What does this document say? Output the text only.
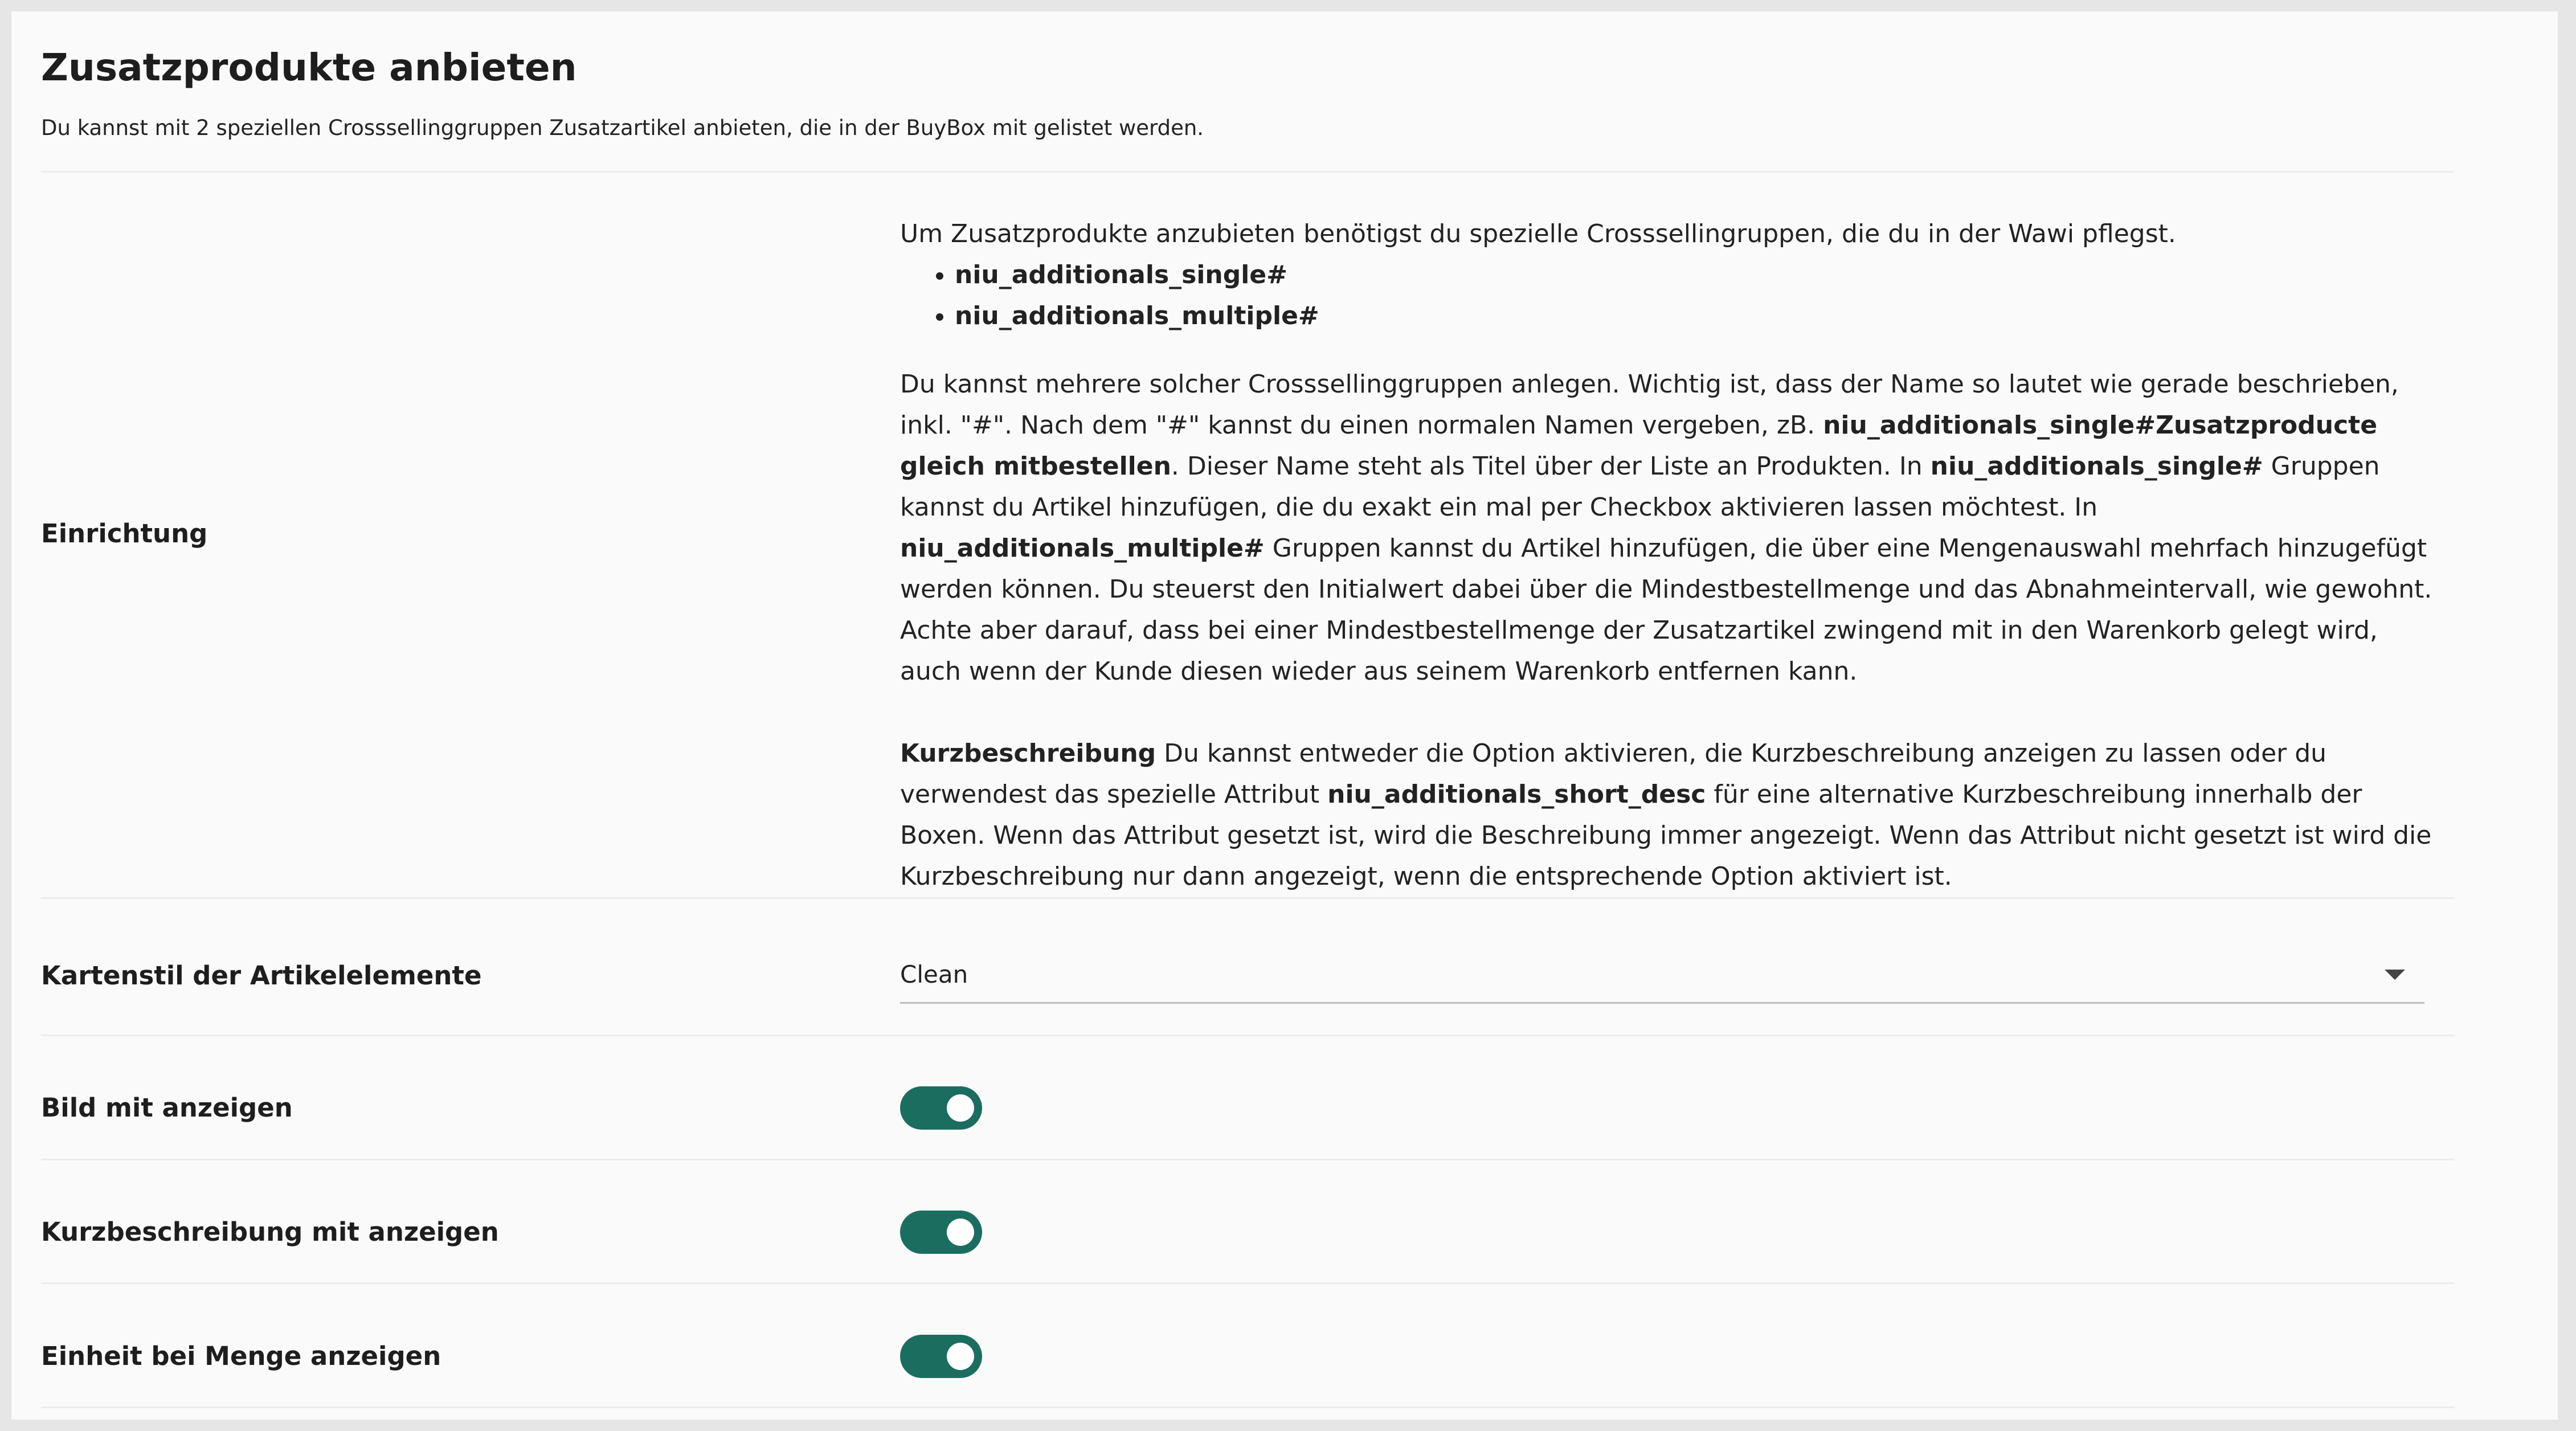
Zusatzprodukte anbieten

Du kannst mit 2 speziellen Crosssellinggruppen Zusatzartikel anbieten, die in der BuyBox mit gelistet werden.

Einrichtung

Um Zusatzprodukte anzubieten benötigst du spezielle Crosssellingruppen, die du in der Wawi pflegst.

• niu_additionals_single#
• niu_additionals_multiple#

Du kannst mehrere solcher Crosssellinggruppen anlegen. Wichtig ist, dass der Name so lautet wie gerade beschrieben, inkl. "#". Nach dem "#" kannst du einen normalen Namen vergeben, zB. niu_additionals_single#Zusatzproducte gleich mitbestellen. Dieser Name steht als Titel über der Liste an Produkten. In niu_additionals_single# Gruppen kannst du Artikel hinzufügen, die du exakt ein mal per Checkbox aktivieren lassen möchtest. In niu_additionals_multiple# Gruppen kannst du Artikel hinzufügen, die über eine Mengenauswahl mehrfach hinzugefügt werden können. Du steuerst den Initialwert dabei über die Mindestbestellmenge und das Abnahmeintervall, wie gewohnt. Achte aber darauf, dass bei einer Mindestbestellmenge der Zusatzartikel zwingend mit in den Warenkorb gelegt wird, auch wenn der Kunde diesen wieder aus seinem Warenkorb entfernen kann.

Kurzbeschreibung Du kannst entweder die Option aktivieren, die Kurzbeschreibung anzeigen zu lassen oder du verwendest das spezielle Attribut niu_additionals_short_desc für eine alternative Kurzbeschreibung innerhalb der Boxen. Wenn das Attribut gesetzt ist, wird die Beschreibung immer angezeigt. Wenn das Attribut nicht gesetzt ist wird die Kurzbeschreibung nur dann angezeigt, wenn die entsprechende Option aktiviert ist.

Kartenstil der Artikelelemente	Clean
Bild mit anzeigen
Kurzbeschreibung mit anzeigen
Einheit bei Menge anzeigen
